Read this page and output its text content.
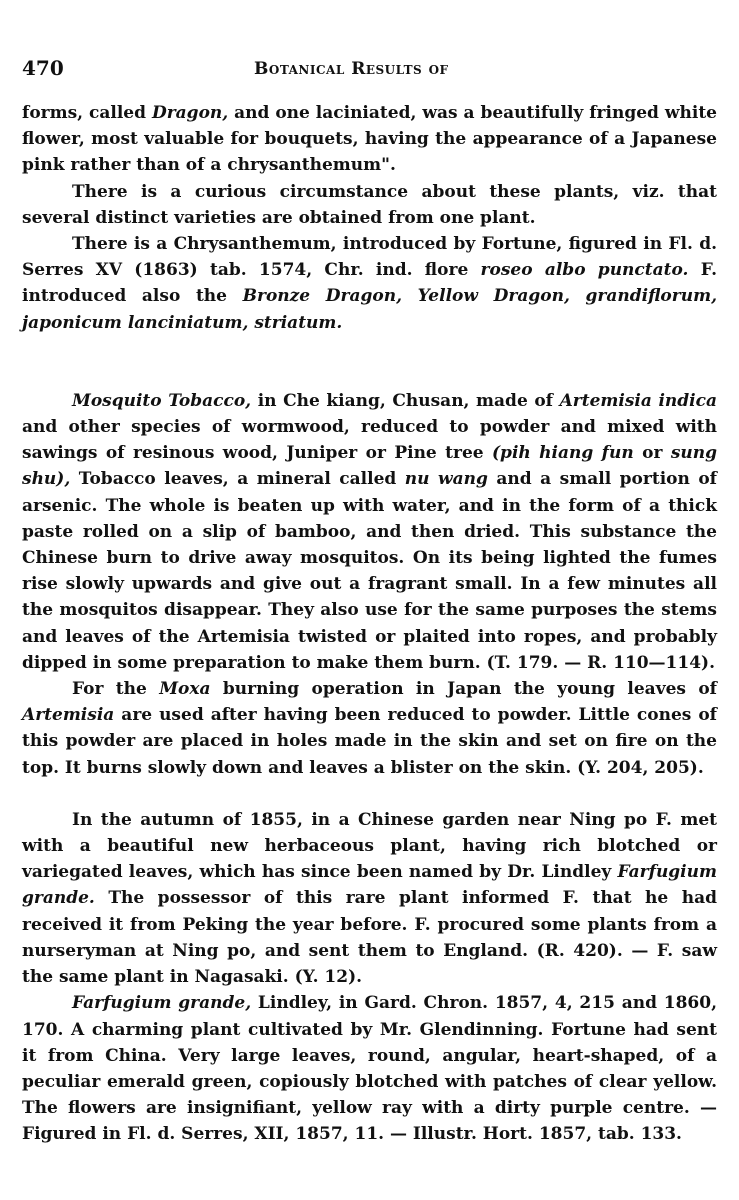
470	Botanical Results of

forms, called Dragon, and one laciniated, was a beautifully fringed white flower, most valuable for bouquets, having the appearance of a Japanese pink rather than of a chrysanthemum".

There is a curious circumstance about these plants, viz. that several distinct varieties are obtained from one plant.

There is a Chrysanthemum, introduced by Fortune, figured in Fl. d. Serres XV (1863) tab. 1574, Chr. ind. flore roseo albo punctato. F. introduced also the Bronze Dragon, Yellow Dragon, grandiflorum, japonicum lanciniatum, striatum.

Mosquito Tobacco, in Che kiang, Chusan, made of Artemisia indica and other species of wormwood, reduced to powder and mixed with sawings of resinous wood, Juniper or Pine tree (pih hiang fun or sung shu), Tobacco leaves, a mineral called nu wang and a small portion of arsenic. The whole is beaten up with water, and in the form of a thick paste rolled on a slip of bamboo, and then dried. This substance the Chinese burn to drive away mosquitos. On its being lighted the fumes rise slowly upwards and give out a fragrant small. In a few minutes all the mosquitos disappear. They also use for the same purposes the stems and leaves of the Artemisia twisted or plaited into ropes, and probably dipped in some preparation to make them burn. (T. 179. — R. 110—114).

For the Moxa burning operation in Japan the young leaves of Artemisia are used after having been reduced to powder. Little cones of this powder are placed in holes made in the skin and set on fire on the top. It burns slowly down and leaves a blister on the skin. (Y. 204, 205).

In the autumn of 1855, in a Chinese garden near Ning po F. met with a beautiful new herbaceous plant, having rich blotched or variegated leaves, which has since been named by Dr. Lindley Farfugium grande. The possessor of this rare plant informed F. that he had received it from Peking the year before. F. procured some plants from a nurseryman at Ning po, and sent them to England. (R. 420). — F. saw the same plant in Nagasaki. (Y. 12).

Farfugium grande, Lindley, in Gard. Chron. 1857, 4, 215 and 1860, 170. A charming plant cultivated by Mr. Glendinning. Fortune had sent it from China. Very large leaves, round, angular, heart-shaped, of a peculiar emerald green, copiously blotched with patches of clear yellow. The flowers are insignifiant, yellow ray with a dirty purple centre. — Figured in Fl. d. Serres, XII, 1857, 11. — Illustr. Hort. 1857, tab. 133.
